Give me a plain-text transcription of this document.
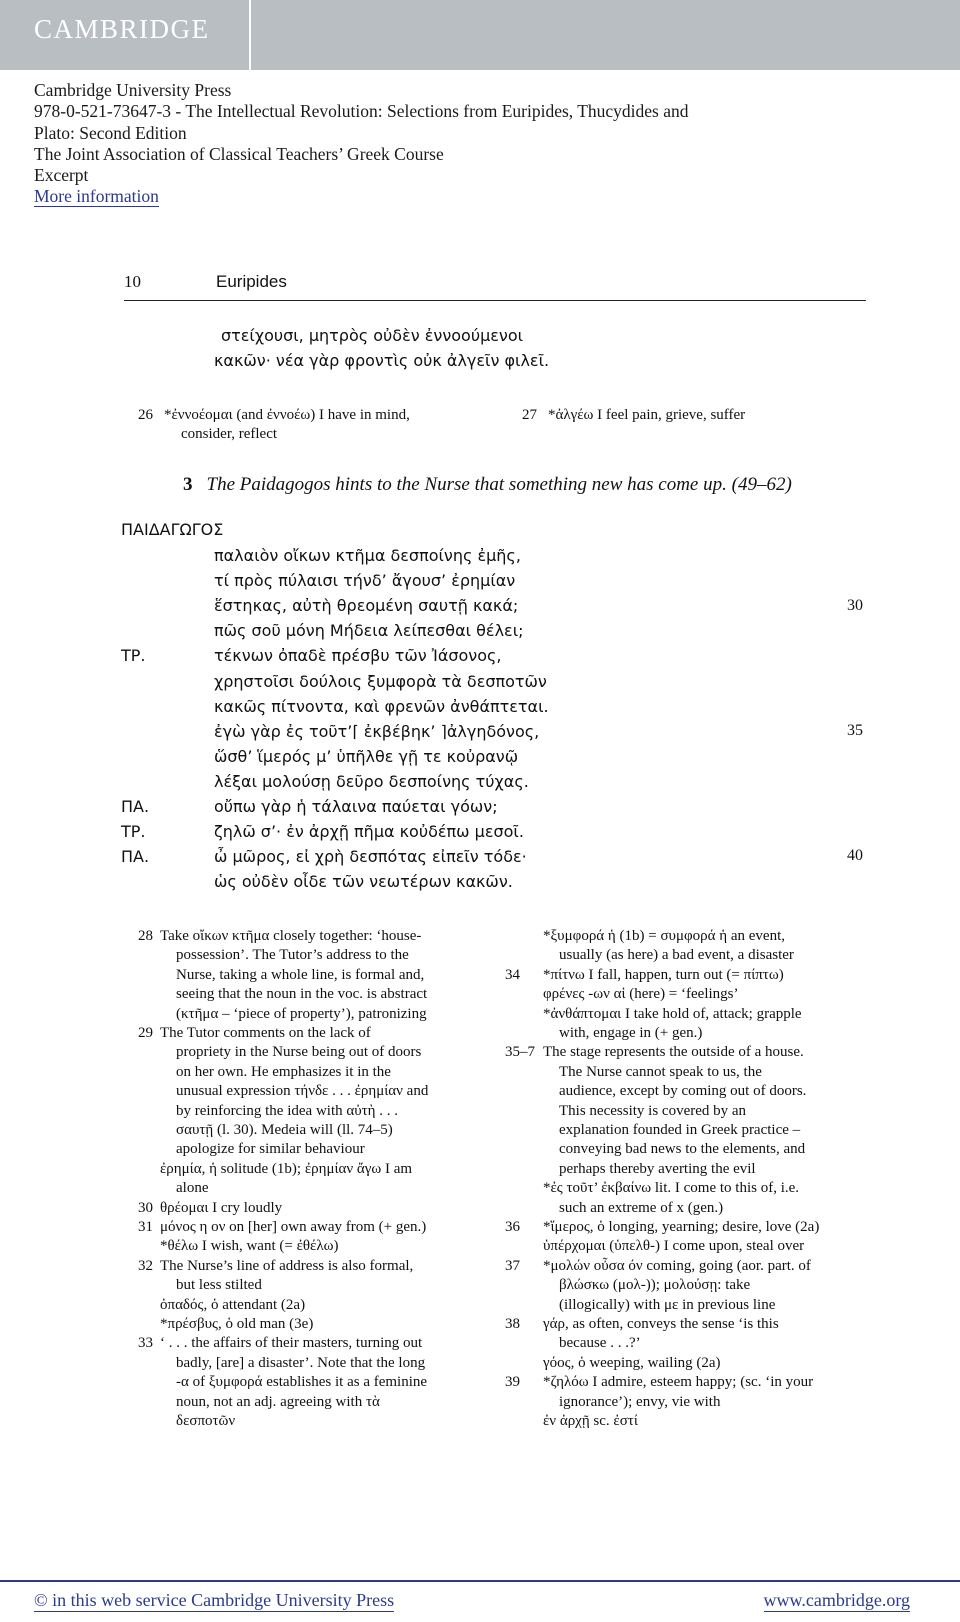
CAMBRIDGE
Cambridge University Press
978-0-521-73647-3 - The Intellectual Revolution: Selections from Euripides, Thucydides and
Plato: Second Edition
The Joint Association of Classical Teachers’ Greek Course
Excerpt
More information
10	Euripides
στείχουσι, μητρὸς οὐδὲν ἐννοούμενοι
κακῶν· νέα γὰρ φροντὶς οὐκ ἀλγεῖν φιλεῖ.
26 *ἐννοέομαι (and ἐννοέω) I have in mind,
consider, reflect
27 *ἀλγέω I feel pain, grieve, suffer
3 The Paidagogos hints to the Nurse that something new has come up. (49–62)
ΠΑΙΔΑΓΩΓΟΣ
ΤΡ.
ΠΑ.
ΤΡ.
ΠΑ.
παλαιὸν οἴκων κτῆμα δεσποίνης ἐμῆς,
τί πρὸς πύλαισι τήνδ’ ἄγουσ’ ἐρημίαν
ἕστηκας, αὐτὴ θρεομένη σαυτῇ κακά;
πῶς σοῦ μόνη Μήδεια λείπεσθαι θέλει;
τέκνων ὀπαδὲ πρέσβυ τῶν Ἰάσονος,
χρηστοῖσι δούλοις ξυμφορὰ τὰ δεσποτῶν
κακῶς πίτνοντα, καὶ φρενῶν ἀνθάπτεται.
ἐγὼ γὰρ ἐς τοῦτ’⌈ ἐκβέβηκ’ ⌉ἀλγηδόνος,
ὥσθ’ ἵμερός μ’ ὑπῆλθε γῇ τε κοὐρανῷ
λέξαι μολούσῃ δεῦρο δεσποίνης τύχας.
οὔπω γὰρ ἡ τάλαινα παύεται γόων;
ζηλῶ σ’· ἐν ἀρχῇ πῆμα κοὐδέπω μεσοῖ.
ὦ μῶρος, εἰ χρὴ δεσπότας εἰπεῖν τόδε·
ὡς οὐδὲν οἶδε τῶν νεωτέρων κακῶν.
30
35
40
28 Take οἴκων κτῆμα closely together: ‘house-
possession’. The Tutor’s address to the
Nurse, taking a whole line, is formal and,
seeing that the noun in the voc. is abstract
(κτῆμα – ‘piece of property’), patronizing
29 The Tutor comments on the lack of
propriety in the Nurse being out of doors
on her own. He emphasizes it in the
unusual expression τήνδε . . . ἐρημίαν and
by reinforcing the idea with αὐτὴ . . .
σαυτῇ (l. 30). Medeia will (ll. 74–5)
apologize for similar behaviour
ἐρημία, ἡ solitude (1b); ἐρημίαν ἄγω I am
alone
30 θρέομαι I cry loudly
31 μόνος η ον on [her] own away from (+ gen.)
*θέλω I wish, want (= ἐθέλω)
32 The Nurse’s line of address is also formal,
but less stilted
ὀπαδός, ὁ attendant (2a)
*πρέσβυς, ὁ old man (3e)
33 ‘ . . . the affairs of their masters, turning out
badly, [are] a disaster’. Note that the long
-α of ξυμφορά establishes it as a feminine
noun, not an adj. agreeing with τὰ
δεσποτῶν
*ξυμφορά ἡ (1b) = συμφορά ἡ an event,
usually (as here) a bad event, a disaster
34 *πίτνω I fall, happen, turn out (= πίπτω)
φρένες -ων αἱ (here) = ‘feelings’
*ἀνθάπτομαι I take hold of, attack; grapple
with, engage in (+ gen.)
35–7 The stage represents the outside of a house.
The Nurse cannot speak to us, the
audience, except by coming out of doors.
This necessity is covered by an
explanation founded in Greek practice –
conveying bad news to the elements, and
perhaps thereby averting the evil
*ἐς τοῦτ’ ἐκβαίνω lit. I come to this of, i.e.
such an extreme of x (gen.)
36 *ἵμερος, ὁ longing, yearning; desire, love (2a)
ὑπέρχομαι (ὑπελθ-) I come upon, steal over
37 *μολών οὖσα όν coming, going (aor. part. of
βλώσκω (μολ-)); μολούσῃ: take
(illogically) with με in previous line
38 γάρ, as often, conveys the sense ‘is this
because . . .?’
γόος, ὁ weeping, wailing (2a)
39 *ζηλόω I admire, esteem happy; (sc. ‘in your
ignorance’); envy, vie with
ἐν ἀρχῇ sc. ἐστί
© in this web service Cambridge University Press	www.cambridge.org
